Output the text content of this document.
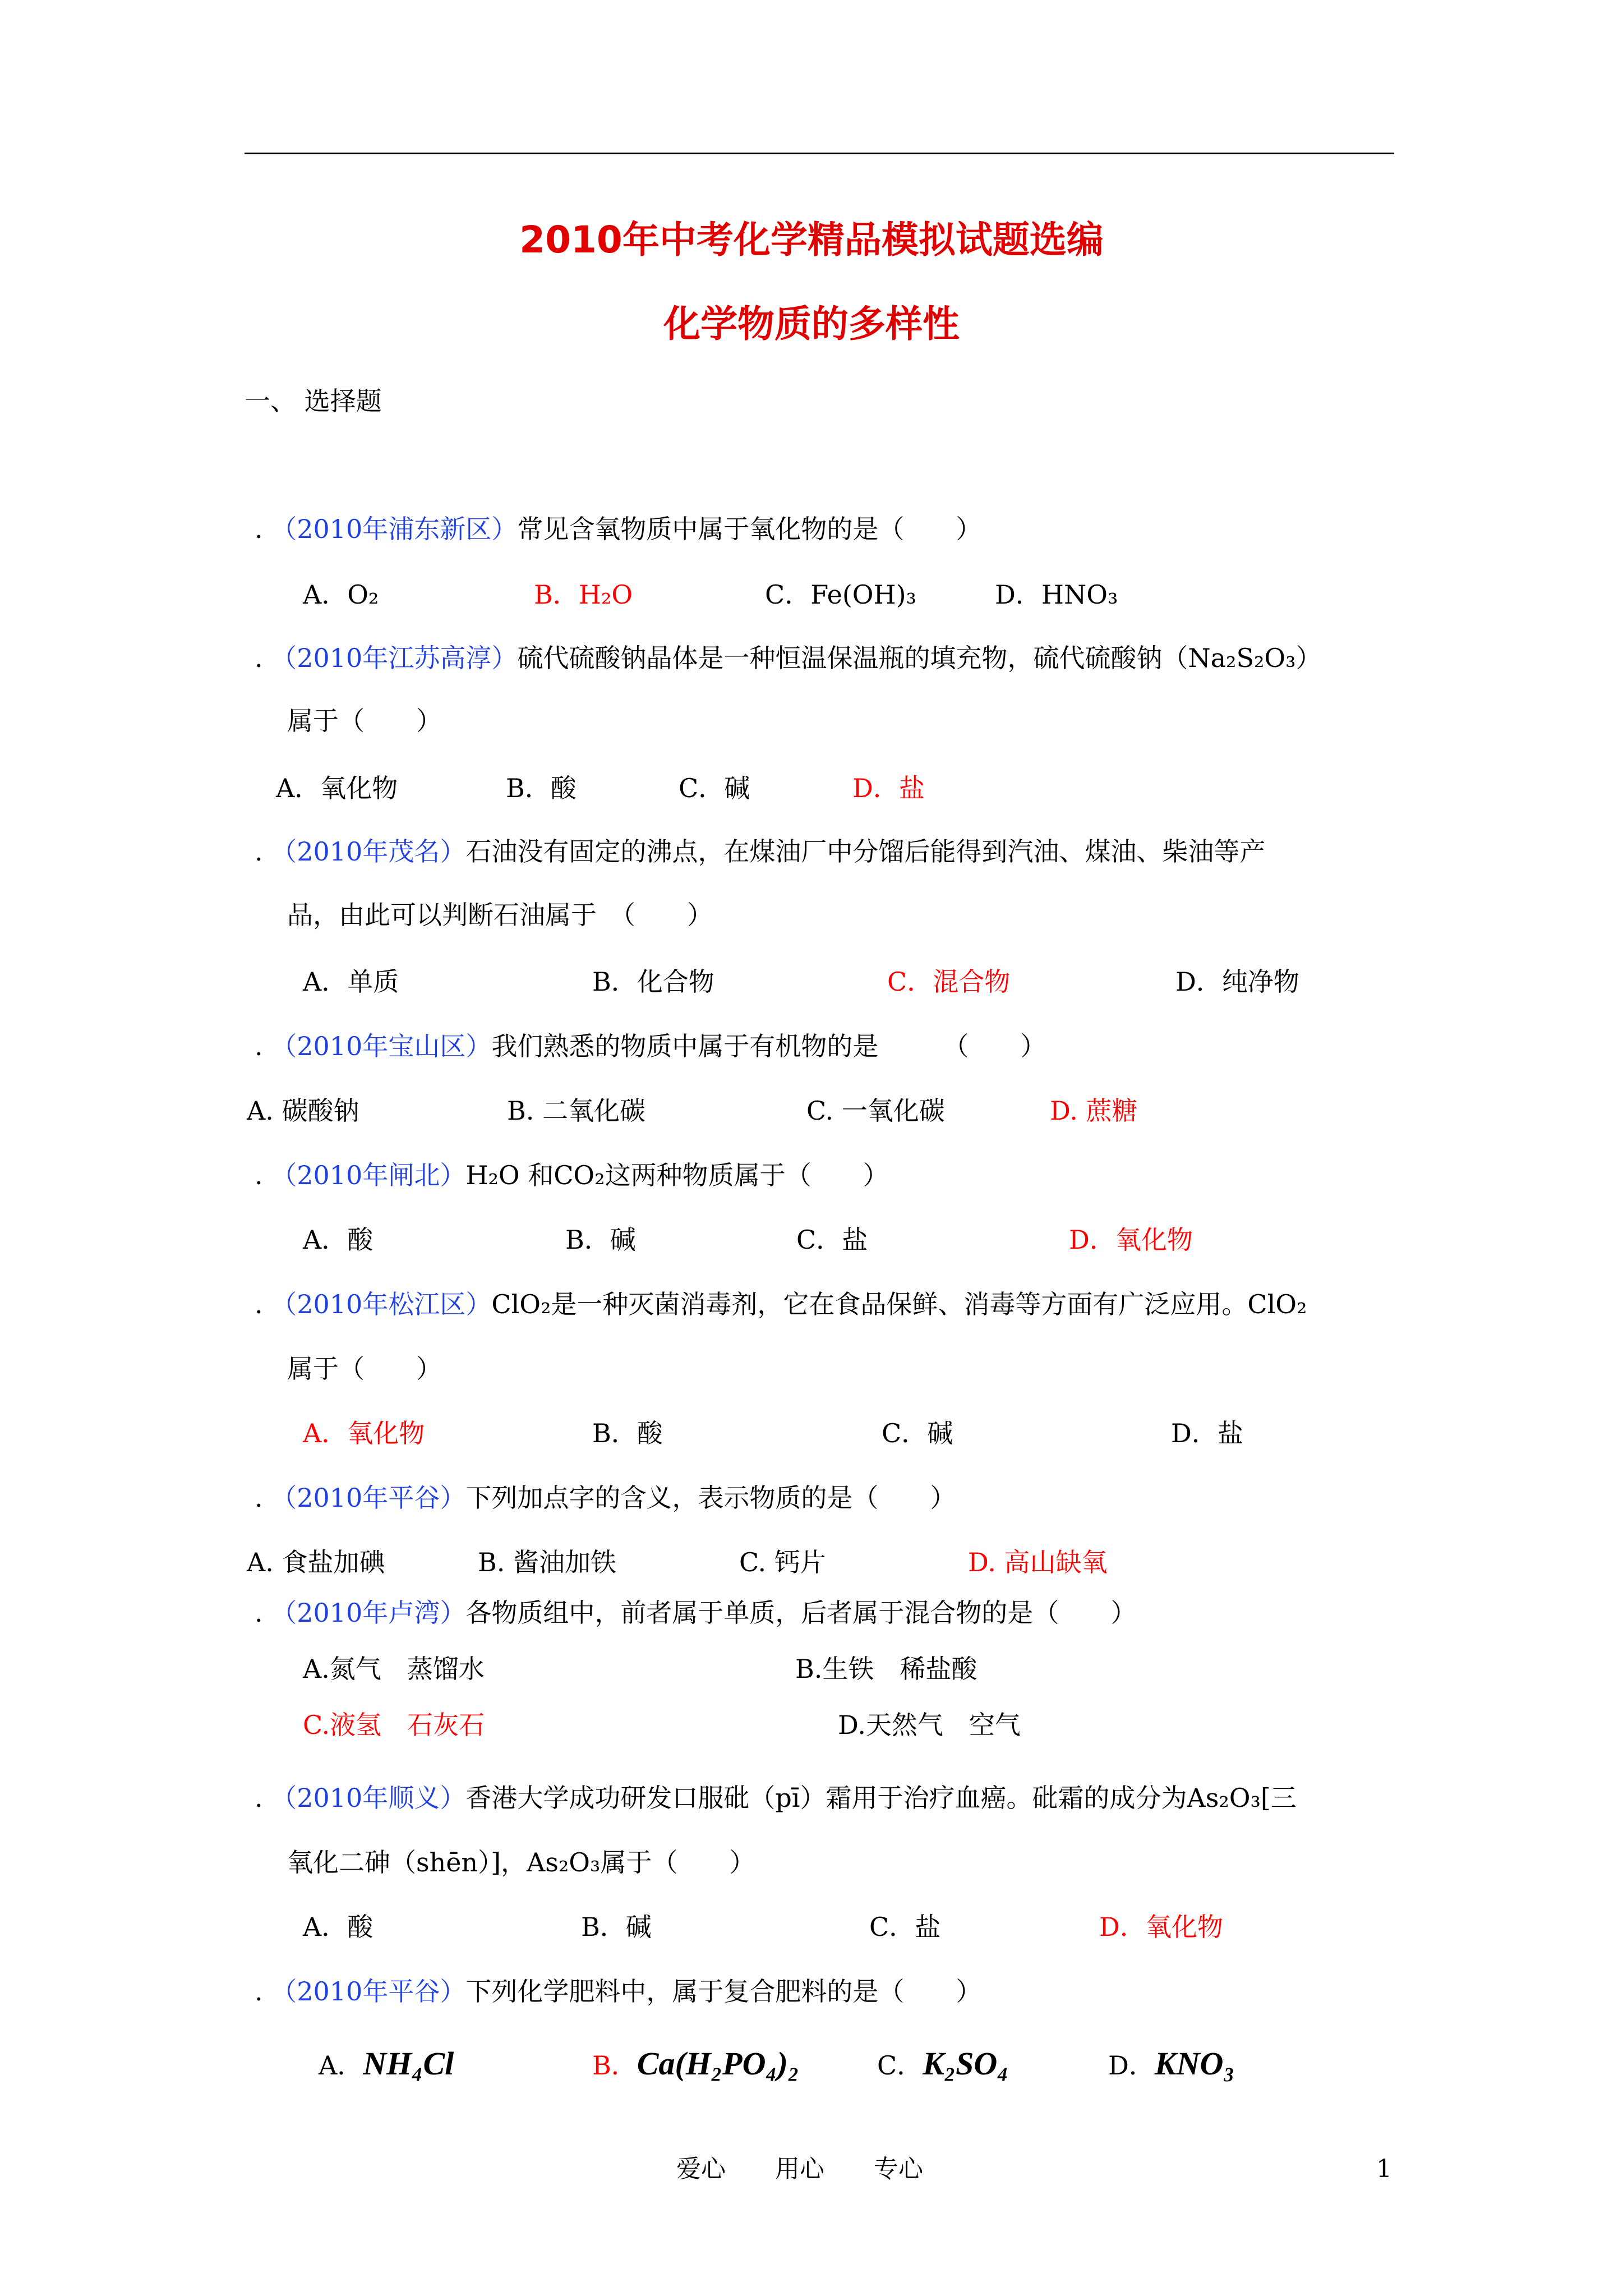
2010年中考化学精品模拟试题选编
化学物质的多样性
一、 选择题
. （2010年浦东新区）常见含氧物质中属于氧化物的是（　　）
A．O₂	B．H₂O	C．Fe(OH)₃	D．HNO₃
. （2010年江苏高淳）硫代硫酸钠晶体是一种恒温保温瓶的填充物，硫代硫酸钠（Na₂S₂O₃）
属于（　　）
A．氧化物	B．酸	C．碱	D．盐
. （2010年茂名）石油没有固定的沸点，在煤油厂中分馏后能得到汽油、煤油、柴油等产
品，由此可以判断石油属于　（　　）
A．单质	B．化合物	C．混合物	D．纯净物
. （2010年宝山区）我们熟悉的物质中属于有机物的是　　　（　　）
A. 碳酸钠	B. 二氧化碳	C. 一氧化碳	D. 蔗糖
. （2010年闸北）H₂O 和CO₂这两种物质属于（　　）
A．酸	B．碱	C．盐	D．氧化物
. （2010年松江区）ClO₂是一种灭菌消毒剂，它在食品保鲜、消毒等方面有广泛应用。ClO₂
属于（　　）
A．氧化物	B．酸	C．碱	D．盐
. （2010年平谷）下列加点字的含义，表示物质的是（　　）
A. 食盐加碘	B. 酱油加铁	C. 钙片	D. 高山缺氧
. （2010年卢湾）各物质组中，前者属于单质，后者属于混合物的是（　　）
A.氮气　蒸馏水	B.生铁　稀盐酸
C.液氢　石灰石	D.天然气　空气
. （2010年顺义）香港大学成功研发口服砒（pī）霜用于治疗血癌。砒霜的成分为As₂O₃[三
氧化二砷（shēn）]，As₂O₃属于（　　）
A．酸	B．碱	C．盐	D．氧化物
. （2010年平谷）下列化学肥料中，属于复合肥料的是（　　）
A．NH₄Cl	B．Ca(H₂PO₄)₂	C．K₂SO₄	D．KNO₃
爱心　　用心　　专心	1
